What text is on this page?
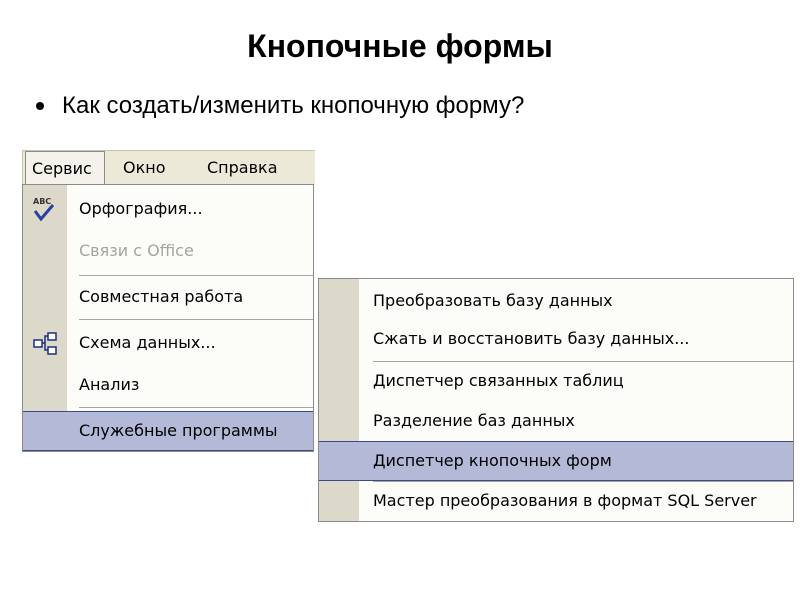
Кнопочные формы
Как создать/изменить кнопочную форму?
Сервис	Окно	Справка
ABC Орфография...
Связи с Office
Совместная работа
Схема данных...
Анализ
Служебные программы
Преобразовать базу данных
Сжать и восстановить базу данных...
Диспетчер связанных таблиц
Разделение баз данных
Диспетчер кнопочных форм
Мастер преобразования в формат SQL Server
